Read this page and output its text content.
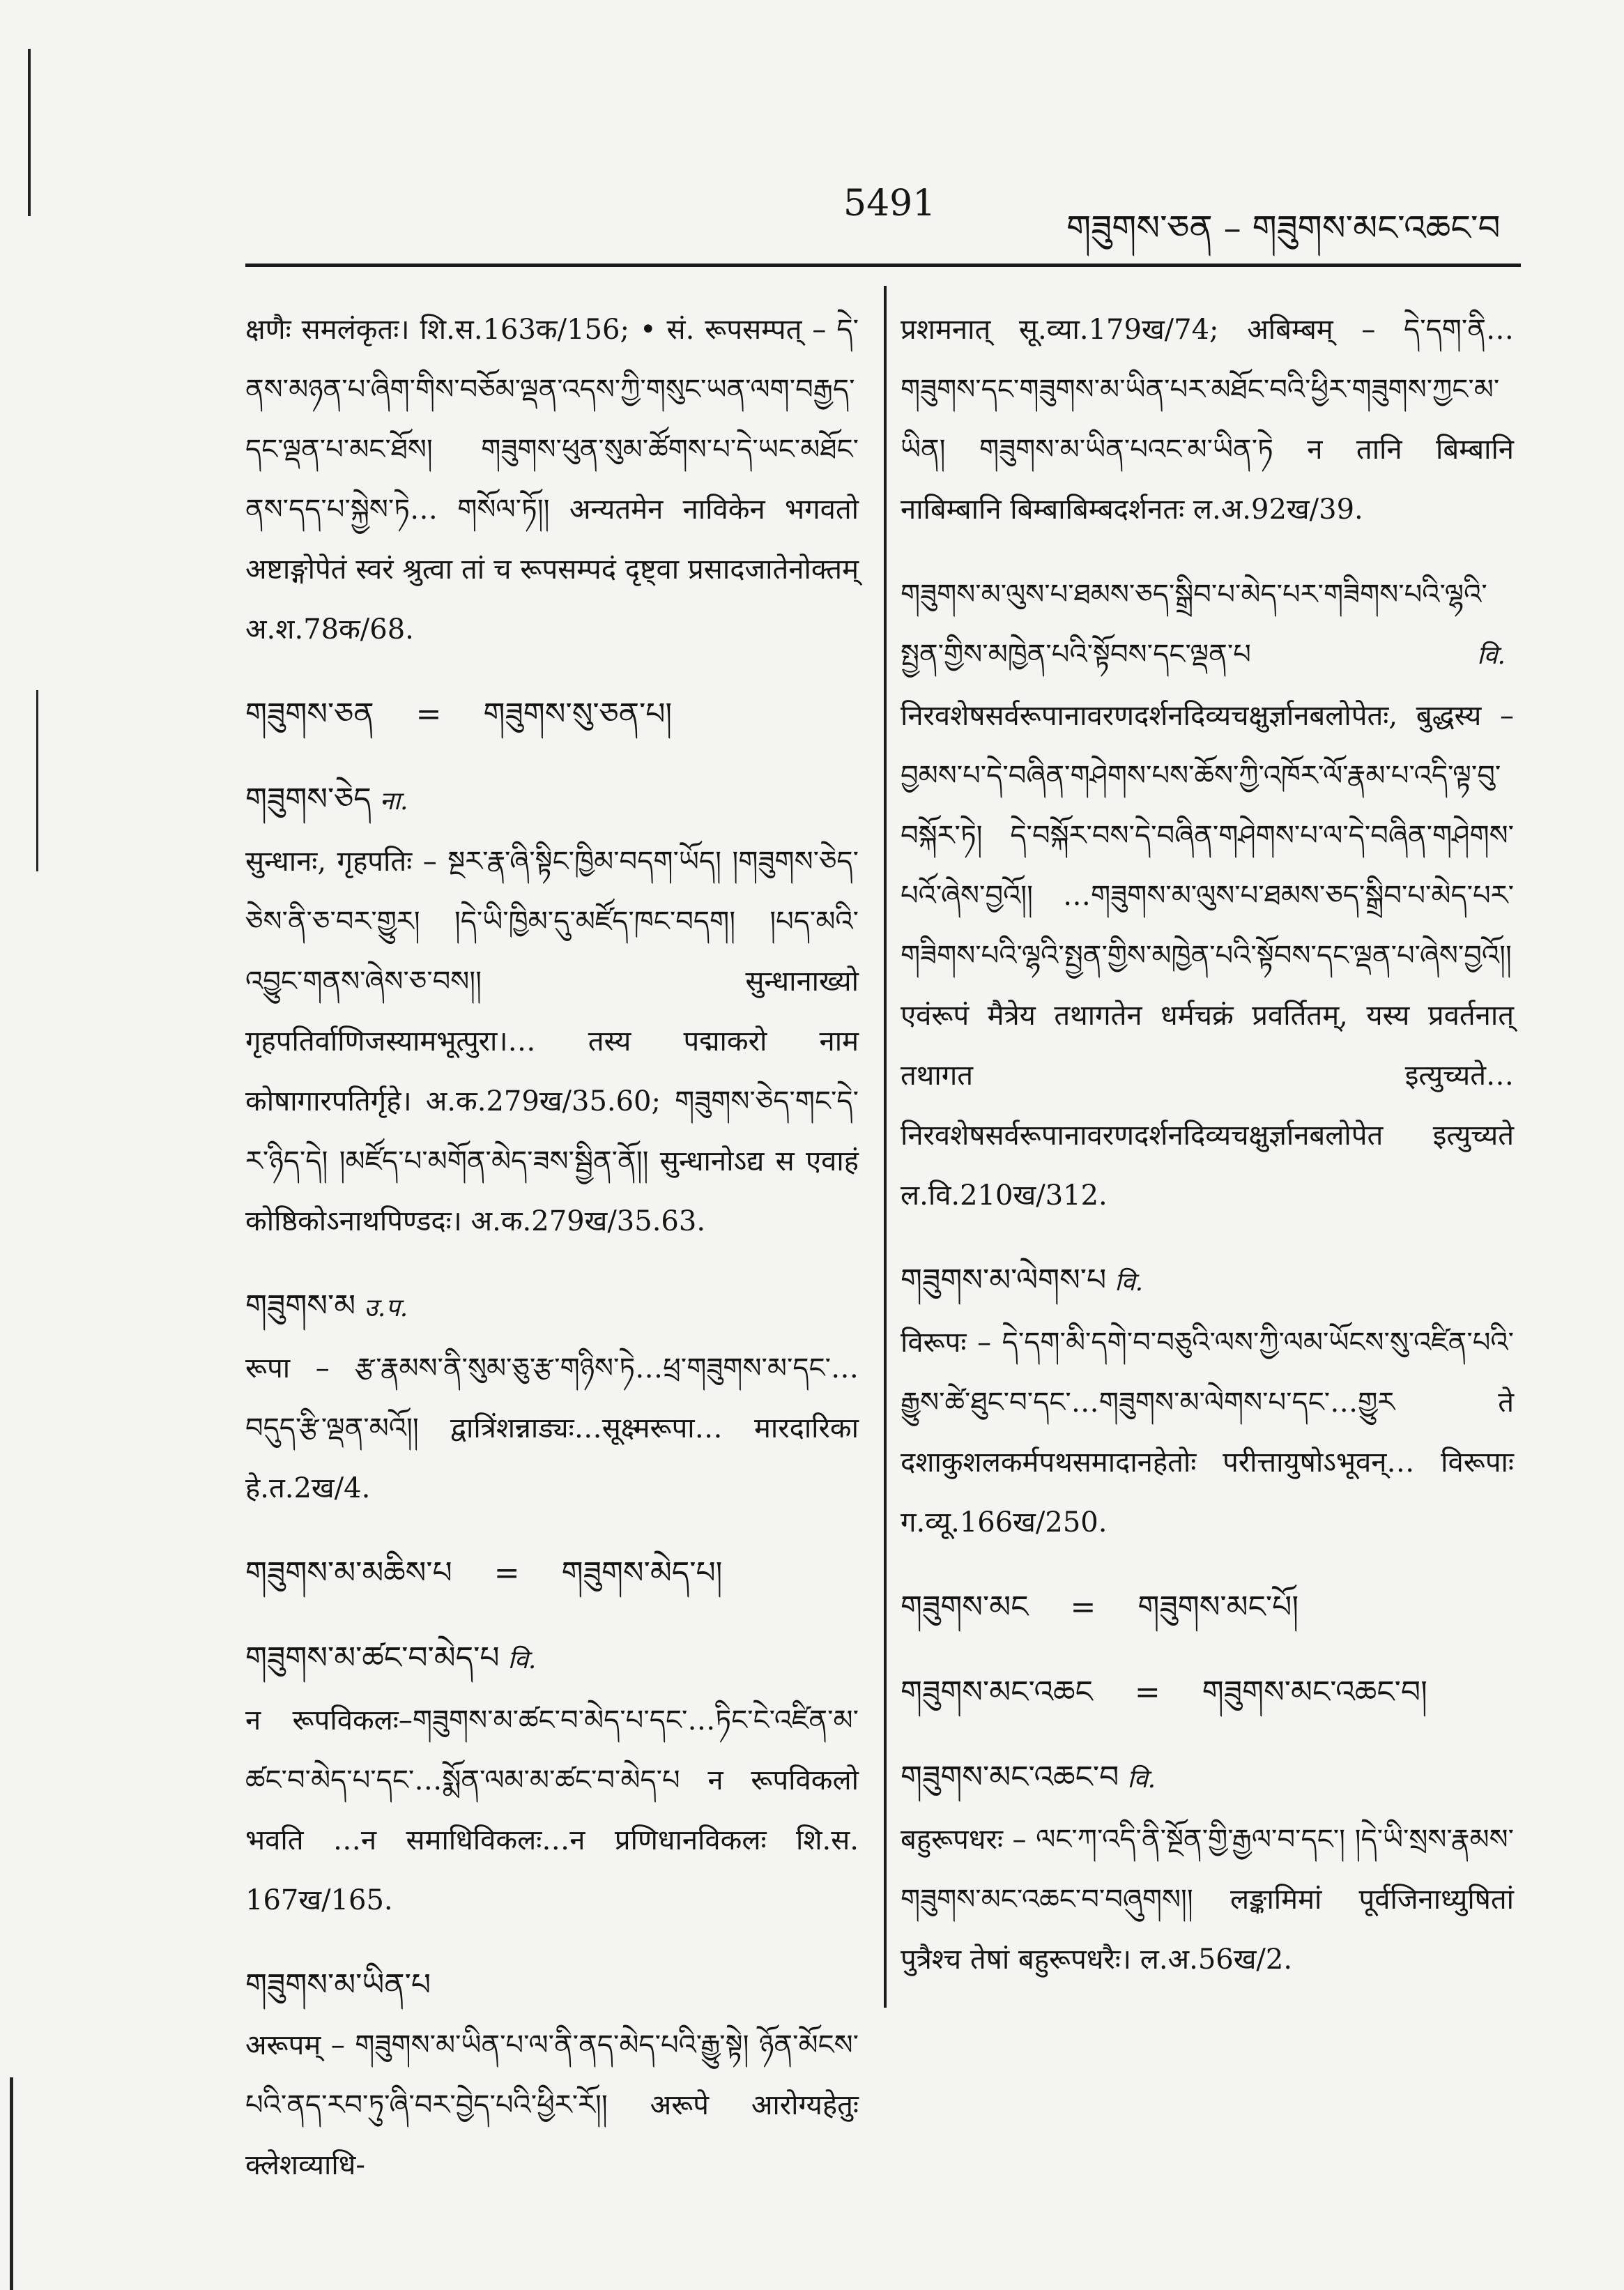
5491
གཟུགས་ཅན – གཟུགས་མང་འཆང་བ
क्षणैः समलंकृतः। शि.स.163क/156; • सं. रूपसम्पत् – དེ་ནས་མཉན་པ་ཞིག་གིས་བཅོམ་ལྡན་འདས་ཀྱི་གསུང་ཡན་ལག་བརྒྱད་དང་ལྡན་པ་མང་ཐོས། གཟུགས་ཕུན་སུམ་ཚོགས་པ་དེ་ཡང་མཐོང་ནས་དད་པ་སྐྱེས་ཏེ… གསོལ་ཏོ།། अन्यतमेन नाविकेन भगवतो अष्टाङ्गोपेतं स्वरं श्रुत्वा तां च रूपसम्पदं दृष्ट्वा प्रसादजातेनोक्तम् अ.श.78क/68.
གཟུགས་ཅན = གཟུགས་སུ་ཅན་པ།
གཟུགས་ཅེད ना.
सुन्धानः, गृहपतिः – སྔར་རྣ་ཞི་སྟིང་ཁྱིམ་བདག་ཡོད། །གཟུགས་ཅེད་ཅེས་ནི་ཅ་བར་གྱུར། །དེ་ཡི་ཁྱིམ་དུ་མཛོད་ཁང་བདག། །པད་མའི་འབྱུང་གནས་ཞེས་ཅ་བས།། सुन्धानाख्यो गृहपतिर्वाणिजस्यामभूत्पुरा।… तस्य पद्माकरो नाम कोषागारपतिर्गृहे। अ.क.279ख/35.60; གཟུགས་ཅེད་གང་དེ་ར་ཉིད་དེ། །མཛོད་པ་མགོན་མེད་ཟས་སྦྱིན་ནོ།། सुन्धानोऽद्य स एवाहं कोष्ठिकोऽनाथपिण्डदः। अ.क.279ख/35.63.
གཟུགས་མ उ.प.
रूपा – རྩ་རྣམས་ནི་སུམ་ཅུ་རྩ་གཉིས་ཏེ…ཕྲ་གཟུགས་མ་དང་…བདུད་རྩི་ལྡན་མའོ།། द्वात्रिंशन्नाड्यः…सूक्ष्मरूपा… मारदारिका हे.त.2ख/4.
གཟུགས་མ་མཆིས་པ = གཟུགས་མེད་པ།
གཟུགས་མ་ཚང་བ་མེད་པ वि.
न रूपविकलः–གཟུགས་མ་ཚང་བ་མེད་པ་དང་…ཏིང་ངེ་འཛིན་མ་ཚང་བ་མེད་པ་དང་…སྨོན་ལམ་མ་ཚང་བ་མེད་པ न रूपविकलो भवति …न समाधिविकलः…न प्रणिधानविकलः शि.स. 167ख/165.
གཟུགས་མ་ཡིན་པ
अरूपम् – གཟུགས་མ་ཡིན་པ་ལ་ནི་ནད་མེད་པའི་རྒྱུ་སྟེ། ཉོན་མོངས་པའི་ནད་རབ་ཏུ་ཞི་བར་བྱེད་པའི་ཕྱིར་རོ།། अरूपे आरोग्यहेतुः क्लेशव्याधि-
प्रशमनात् सू.व्या.179ख/74; अबिम्बम् – དེ་དག་ནི…གཟུགས་དང་གཟུགས་མ་ཡིན་པར་མཐོང་བའི་ཕྱིར་གཟུགས་ཀྱང་མ་ཡིན། གཟུགས་མ་ཡིན་པའང་མ་ཡིན་ཏེ न तानि बिम्बानि नाबिम्बानि बिम्बाबिम्बदर्शनतः ल.अ.92ख/39.
གཟུགས་མ་ལུས་པ་ཐམས་ཅད་སྒྲིབ་པ་མེད་པར་གཟིགས་པའི་ལྷའི་སྤྱན་གྱིས་མཁྱེན་པའི་སྟོབས་དང་ལྡན་པ	वि. निरवशेषसर्वरूपानावरणदर्शनदिव्यचक्षुर्ज्ञानबलोपेतः, बुद्धस्य – བྱམས་པ་དེ་བཞིན་གཤེགས་པས་ཆོས་ཀྱི་འཁོར་ལོ་རྣམ་པ་འདི་ལྟ་བུ་བསྐོར་ཏེ། དེ་བསྐོར་བས་དེ་བཞིན་གཤེགས་པ་ལ་དེ་བཞིན་གཤེགས་པའོ་ཞེས་བྱའོ།། …གཟུགས་མ་ལུས་པ་ཐམས་ཅད་སྒྲིབ་པ་མེད་པར་གཟིགས་པའི་ལྷའི་སྤྱན་གྱིས་མཁྱེན་པའི་སྟོབས་དང་ལྡན་པ་ཞེས་བྱའོ།། एवंरूपं मैत्रेय तथागतेन धर्मचक्रं प्रवर्तितम्, यस्य प्रवर्तनात् तथागत इत्युच्यते…निरवशेषसर्वरूपानावरणदर्शनदिव्यचक्षुर्ज्ञानबलोपेत इत्युच्यते ल.वि.210ख/312.
གཟུགས་མ་ལེགས་པ वि.
विरूपः – དེ་དག་མི་དགེ་བ་བཅུའི་ལས་ཀྱི་ལམ་ཡོངས་སུ་འཛིན་པའི་རྒྱུས་ཚེ་ཐུང་བ་དང་…གཟུགས་མ་ལེགས་པ་དང་…གྱུར ते दशाकुशलकर्मपथसमादानहेतोः परीत्तायुषोऽभूवन्… विरूपाः ग.व्यू.166ख/250.
གཟུགས་མང = གཟུགས་མང་པོ།
གཟུགས་མང་འཆང = གཟུགས་མང་འཆང་བ།
གཟུགས་མང་འཆང་བ वि.
बहुरूपधरः – ལང་ཀ་འདི་ནི་སྔོན་གྱི་རྒྱལ་བ་དང་། །དེ་ཡི་སྲས་རྣམས་གཟུགས་མང་འཆང་བ་བཞུགས།། लङ्कामिमां पूर्वजिनाध्युषितां पुत्रैश्च तेषां बहुरूपधरैः। ल.अ.56ख/2.
